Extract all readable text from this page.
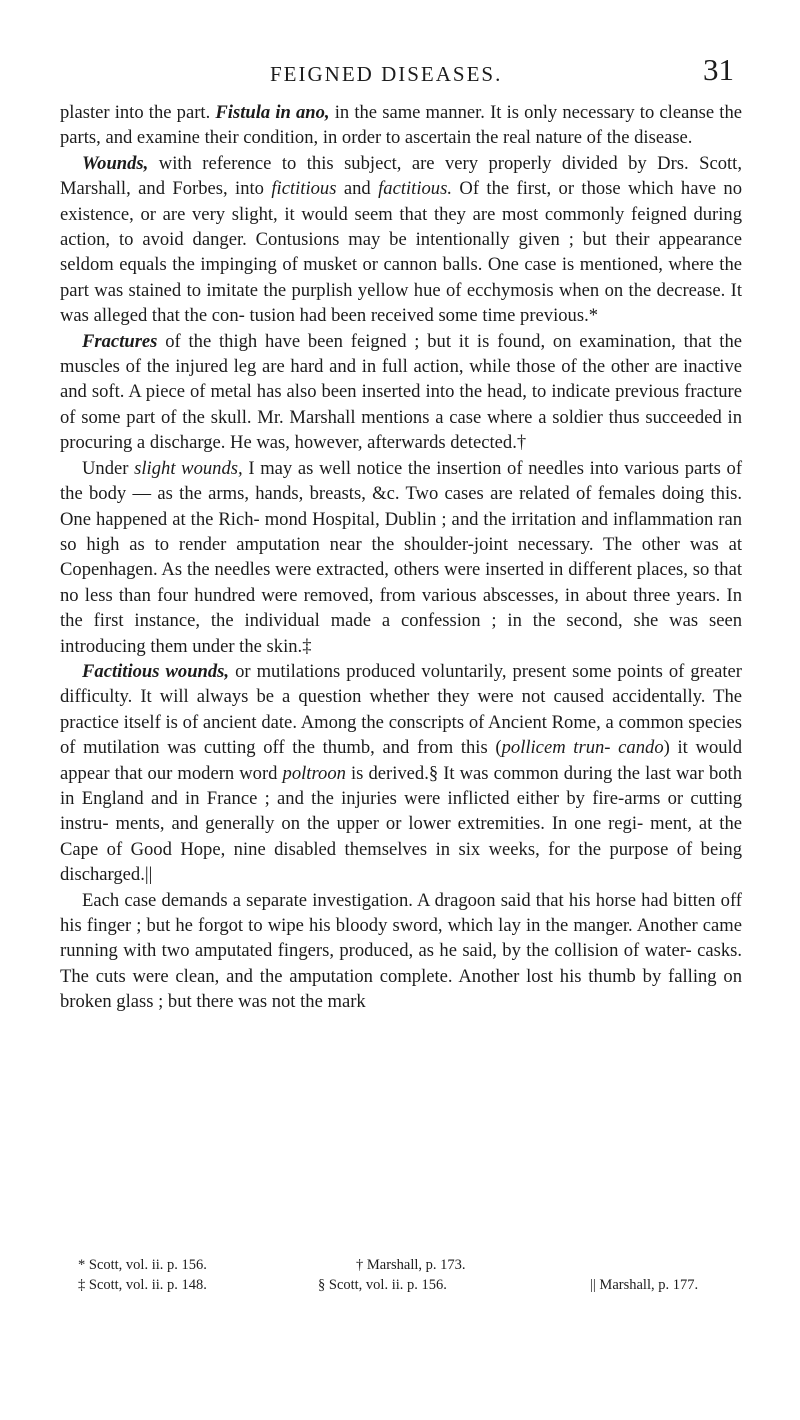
FEIGNED DISEASES.	31

plaster into the part. Fistula in ano, in the same manner. It is only necessary to cleanse the parts, and examine their condition, in order to ascertain the real nature of the disease.

Wounds, with reference to this subject, are very properly divided by Drs. Scott, Marshall, and Forbes, into fictitious and factitious. Of the first, or those which have no existence, or are very slight, it would seem that they are most commonly feigned during action, to avoid danger. Contusions may be intentionally given ; but their appearance seldom equals the impinging of musket or cannon balls. One case is mentioned, where the part was stained to imitate the purplish yellow hue of ecchymosis when on the decrease. It was alleged that the con- tusion had been received some time previous.*

Fractures of the thigh have been feigned ; but it is found, on examination, that the muscles of the injured leg are hard and in full action, while those of the other are inactive and soft. A piece of metal has also been inserted into the head, to indicate previous fracture of some part of the skull. Mr. Marshall mentions a case where a soldier thus succeeded in procuring a discharge. He was, however, afterwards detected.†

Under slight wounds, I may as well notice the insertion of needles into various parts of the body — as the arms, hands, breasts, &c. Two cases are related of females doing this. One happened at the Rich- mond Hospital, Dublin ; and the irritation and inflammation ran so high as to render amputation near the shoulder-joint necessary. The other was at Copenhagen. As the needles were extracted, others were inserted in different places, so that no less than four hundred were removed, from various abscesses, in about three years. In the first instance, the individual made a confession ; in the second, she was seen introducing them under the skin.‡

Factitious wounds, or mutilations produced voluntarily, present some points of greater difficulty. It will always be a question whether they were not caused accidentally. The practice itself is of ancient date. Among the conscripts of Ancient Rome, a common species of mutilation was cutting off the thumb, and from this (pollicem trun- cando) it would appear that our modern word poltroon is derived.§ It was common during the last war both in England and in France ; and the injuries were inflicted either by fire-arms or cutting instru- ments, and generally on the upper or lower extremities. In one regi- ment, at the Cape of Good Hope, nine disabled themselves in six weeks, for the purpose of being discharged.||

Each case demands a separate investigation. A dragoon said that his horse had bitten off his finger ; but he forgot to wipe his bloody sword, which lay in the manger. Another came running with two amputated fingers, produced, as he said, by the collision of water- casks. The cuts were clean, and the amputation complete. Another lost his thumb by falling on broken glass ; but there was not the mark

* Scott, vol. ii. p. 156.	† Marshall, p. 173.
‡ Scott, vol. ii. p. 148.	§ Scott, vol. ii. p. 156.	|| Marshall, p. 177.
